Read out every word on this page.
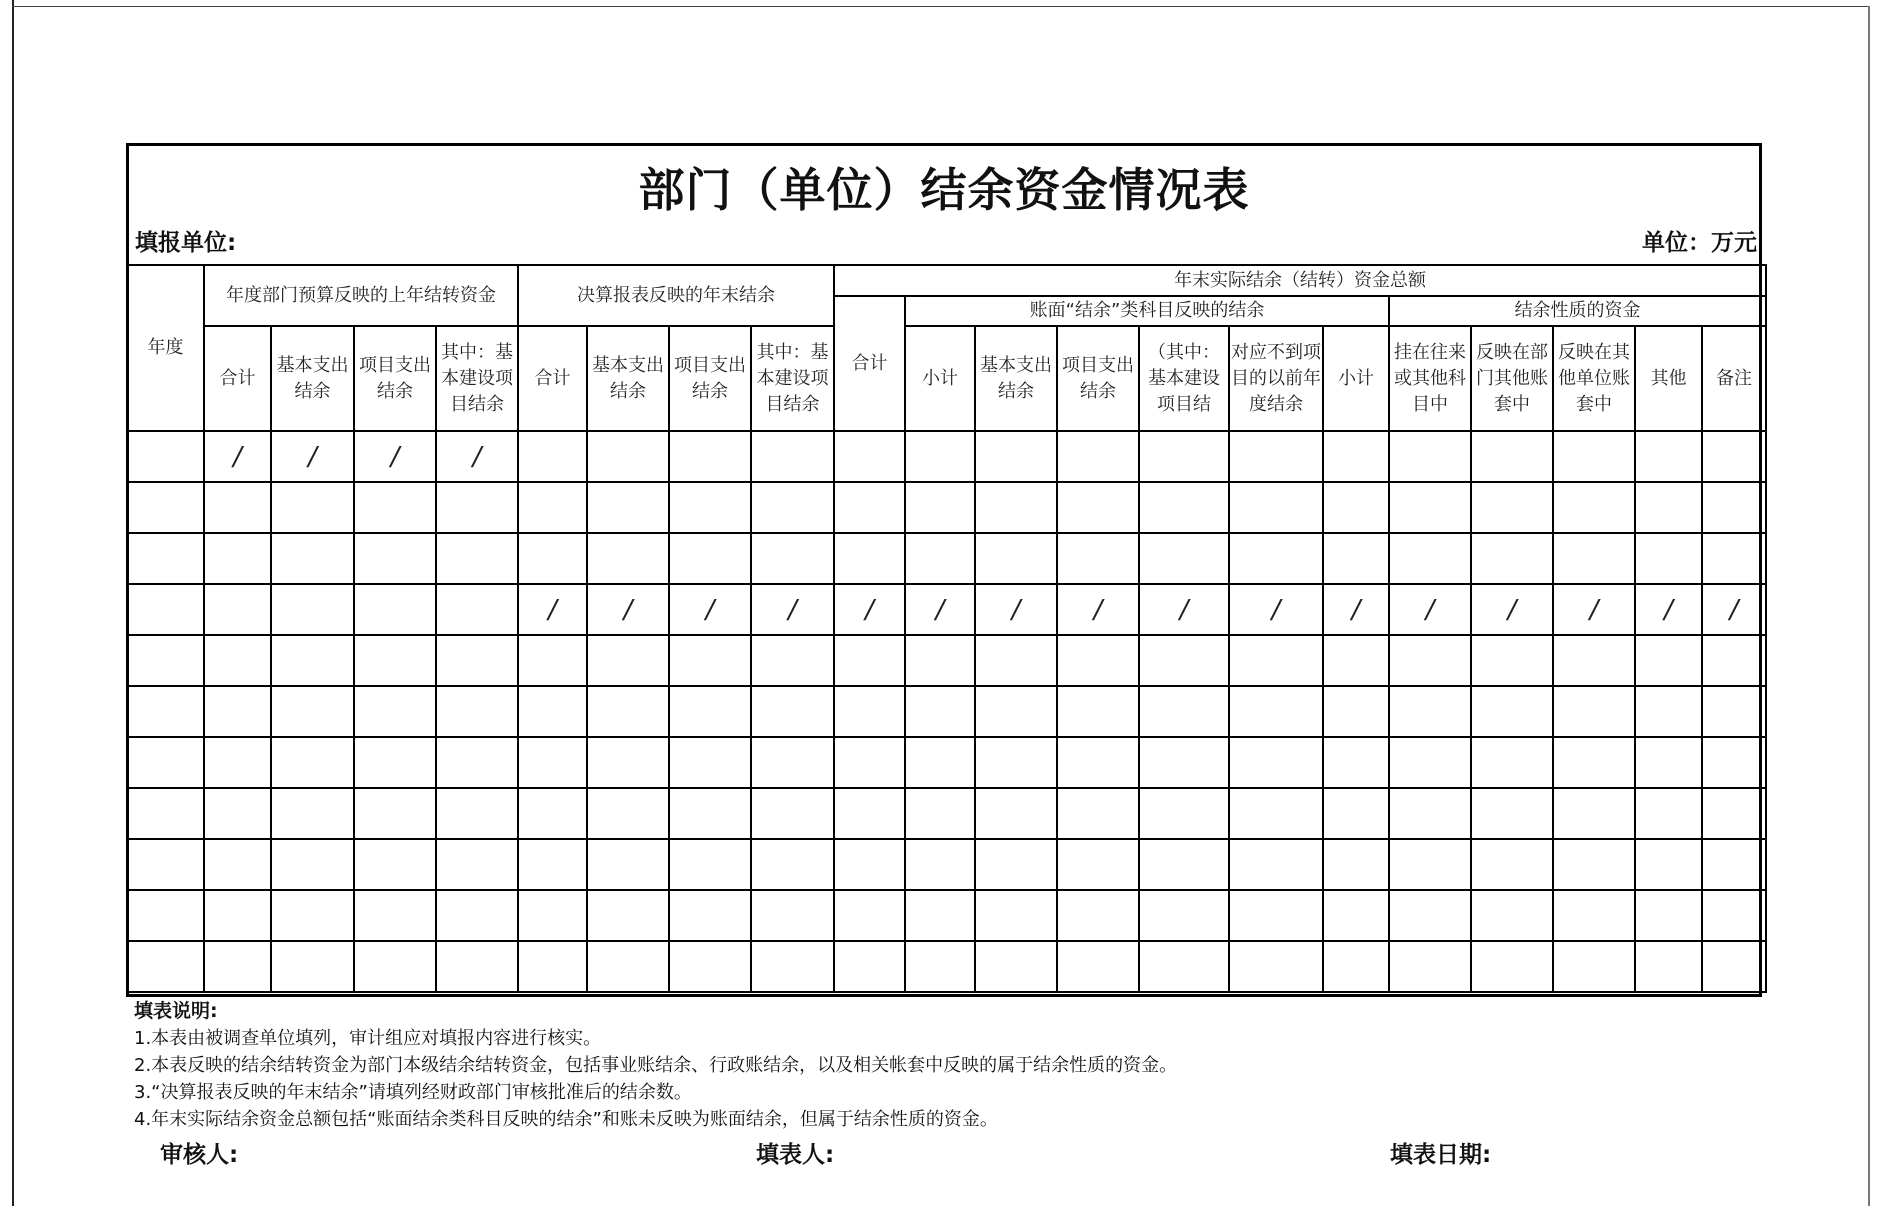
部门（单位）结余资金情况表
填报单位:	单位：万元
年度	年度部门预算反映的上年结转资金				决算报表反映的年末结余				年末实际结余（结转）资金总额											
									合计	账面“结余”类科目反映的结余						结余性质的资金				
	合计	基本支出结余	项目支出结余	其中：基本建设项目结余	合计	基本支出结余	项目支出结余	其中：基本建设项目结余		小计	基本支出结余	项目支出结余	（其中：基本建设项目结	对应不到项目的以前年度结余	小计	挂在往来或其他科目中	反映在部门其他账套中	反映在其他单位账套中	其他	备注
	/	/	/	/																

					/	/	/	/	/	/	/	/	/	/	/	/	/	/	/	/

填表说明:
1.本表由被调查单位填列，审计组应对填报内容进行核实。
2.本表反映的结余结转资金为部门本级结余结转资金，包括事业账结余、行政账结余，以及相关帐套中反映的属于结余性质的资金。
3.“决算报表反映的年末结余”请填列经财政部门审核批准后的结余数。
4.年末实际结余资金总额包括“账面结余类科目反映的结余”和账未反映为账面结余，但属于结余性质的资金。
审核人:	填表人:	填表日期:
